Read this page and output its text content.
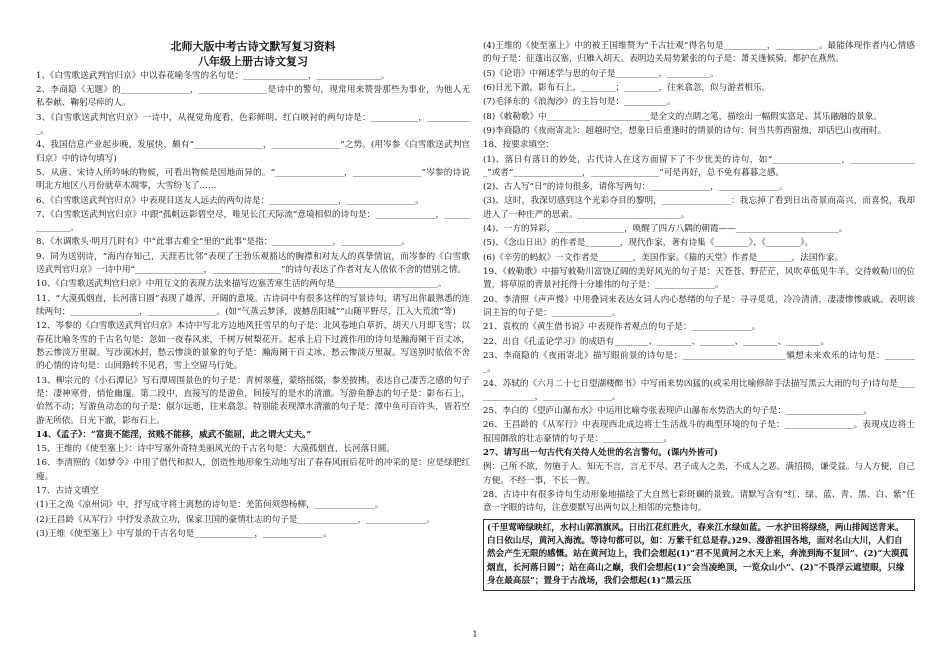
北师大版中考古诗文默写复习资料

八年级上册古诗文复习

1、《白雪歌送武判官归京》中以春花喻冬雪的名句是：_______________，_______________。

2、李商隐《无题》的________________，________________是诗中的警句，现常用来赞誉那些为事业，为他人无私奉献、鞠躬尽瘁的人。

3、《白雪歌送武判官归京》一诗中，从视觉角度看，色彩鲜明、红白映衬的两句诗是：___________，___________。

4、我国信息产业起步晚，发展快，颇有“________________，________________”之势。(用岑参《白雪歌送武判官归京》中的诗句填写)

5、从唐、宋诗人所吟咏的物候，可看出物候是因地而异的。“________________，________________”岑参的诗说明北方地区八月份就草木凋零，大雪纷飞了……

6、《白雪歌送武判官归京》中表现目送友人远去的两句诗是：________________，________________。

7、《白雪歌送武判官归京》中跟“孤帆远影碧空尽，唯见长江天际流”意境相似的诗句是：______________，______________。

8、《水调歌头·明月几时有》中“此事古难全”里的“此事”是指：______________，______________。

9、同为送别诗，“海内存知己，天涯若比邻”表现了王勃乐观豁达的胸襟和对友人的真挚情谊，而岑参的《白雪歌送武判官归京》一诗中用“________________，________________”的诗句表达了作者对友人依依不舍的惜别之情。

10、《白雪歌送武判官归京》中用互文的表现方法来描写边塞苦寒生活的两句是________________________。

11、“大漠孤烟直，长河落日圆”表现了雄浑，开阔的意境。古诗词中有很多这样的写景诗句，请写出你最熟悉的连续两句：________________，________________。(如“气蒸云梦泽，波撼岳阳城”“山随平野尽，江入大荒流”等)

12、岑参的《白雪歌送武判官归京》本诗中写北方边地风狂雪早的句子是：北风卷地白草折，胡天八月即飞雪；以春花比喻冬雪的千古名句是：忽如一夜春风来，千树万树梨花开。起承上启下过渡作用的诗句是瀚海阑干百丈冰，愁云惨淡万里凝。写沙漠冰封，愁云惨淡的景象的句子是：瀚海阑干百丈冰，愁云惨淡万里凝。写送别时依依不舍的心情的诗句是：山回路转不见君，雪上空留马行处。

13、柳宗元的《小石潭记》写石潭周围景色的句子是：青树翠蔓，蒙络摇缀，参差披拂。表达自己凄苦之感的句子是：凄神寒骨，悄怆幽邃。第二段中，直接写的是游鱼，间接写的是水的清澈。写游鱼静态的句子是：影布石上，佁然不动；写游鱼动态的句子是：俶尔远逝，往来翕忽。特别能表现潭水清澈的句子是：潭中鱼可百许头，皆若空游无所依。日光下澈，影布石上。

14、《孟子》：“富贵不能淫，贫贱不能移，威武不能屈，此之谓大丈夫。”

15、王维的《使至塞上》：诗中写塞外奇特美丽风光的千古名句是：大漠孤烟直，长河落日圆。

16、李清照的《如梦令》中用了借代和拟人，创造性地形象生动地写出了春春风雨后花叶的冲采的是：应是绿肥红瘦。

17、古诗文填空

(1)王之涣《凉州词》中，抒写成守将士离愁的诗句是：羌笛何须怨杨柳，______________。

(2)王昌龄《从军行》中抒发杀敌立功，保家卫国的豪情壮志的句子是______________，______________。

(3)王维《使至塞上》中写景的千古名句是______________，______________。

(4)王维的《使至塞上》中的被王国维赞为“千古壮观”得名句是__________，__________。最能体现作者内心情感的句子是：征蓬出汉塞，归雁入胡天。表明边关局势紧张的句子是：萧关逢候骑，都护在燕然。

(5)《论语》中阐述学与思的句子是__________，__________。

(6)日光下澈，影布石上，________；________，往来翕忽，似与游者相乐。

(7)毛泽东的《浪淘沙》的主旨句是：__________。

(8)《敕勒歌》中________________________是全文的点睛之笔，描绘出一幅假实富足、其乐融融的景象。

(9)李商隐的《夜雨寄北》：超越时空，想象日后重逢时的情景的诗句：何当共剪西窗烛，却话巴山夜雨时。

18、按要求填空：

(1)、落日有落日的妙处，古代诗人在这方面留下了不少优美的诗句，如“________________，________________”或者“________________，________________”可是再好，总不免有暮暮之感。

(2)、古人写“日”的诗句很多，请你写两句：______________，______________。

(3)、这时，我深切感到这个光彩夺目的黎明，________________：我忘掉了看到日出奇景而高兴，而喜悦，我却进入了一种庄严的思索。________________________。

(4)、一方的异彩，________________，唤醒了四方八隅的朝霞——________________________。

(5)、《念山日出》的作者是________，现代作家，著有诗集《________》、《________》。

(6)《辛劳的蚂蚁》一文作者是________，美国作家。《猫的天堂》作者是________，法国作家。

19、《敕勒歌》中描写敕勒川富饶辽阔的美好风光的句子是：天苍苍，野茫茫，风吹草低见牛羊。交待敕勒川的位置，将草原的背景衬托得十分雄伟的句子是：______________。

20、李清照《声声慢》中用叠词来表达女词人内心愁绪的句子是：寻寻觅觅，冷冷清清，凄凄惨惨戚戚。表明该词主旨的句子是：______________。

21、袁枚的《黄生借书说》中表现作者观点的句子是：______________。

22、出自《孔孟论学习》的成语有________、________、________、________、________。

23、李商隐的《夜雨寄北》描写眼前景的诗句是：________________________愼想未来欢乐的诗句是：________。

24、苏轼的《六月二十七日望湖楼醉书》中写雨来势凶猛的(或采用比喻修辞手法描写黑云大雨的句子)诗句是________________，________________。

25、李白的《望庐山瀑布水》中运用比喻夸张表现庐山瀑布水势浩大的句子是：__________________。

26、王昌龄的《从军行》中表现西北成边将士生活战斗的典型环境的句子是：________________。表现戍边将士报国御敌的壮志豪情的句子是：______________。

27、请写出一句古代有关待人处世的名言警句。(课内外皆可)

例：己所不欲，勿施于人。知无不言，言无不尽。君子成人之美，不成人之恶。满招损，谦受益。与人方便，自己方便。不经一事，不长一智。

28、古诗中有很多诗句生动形象地描绘了大自然七彩斑斓的景致。请默写含有“红、绿、蓝、青、黑、白、紫”任意一字眼的诗句，注意要默写出两句以上相邻的完整诗句。

(千里莺啼绿映红，水村山郭酒旗风。日出江花红胜火，春来江水绿如蓝。一水护田将绿绕，两山排闼送青来。白日依山尽，黄河入海流。等诗句都可以，如：万紫千红总是春。)29、漫游祖国各地，面对名山大川，人们自然会产生无限的感慨。站在黄河边上，我们会想起(1)“君不见黄河之水天上来，奔流到海不复回”、(2)“大漠孤烟直，长河落日圆”；站在高山之巅，我们会想起(1)“会当凌绝顶，一览众山小”、(2)“不畏浮云遮望眼，只缘身在最高层”；置身于古战场，我们会想起(1)“黑云压
1
